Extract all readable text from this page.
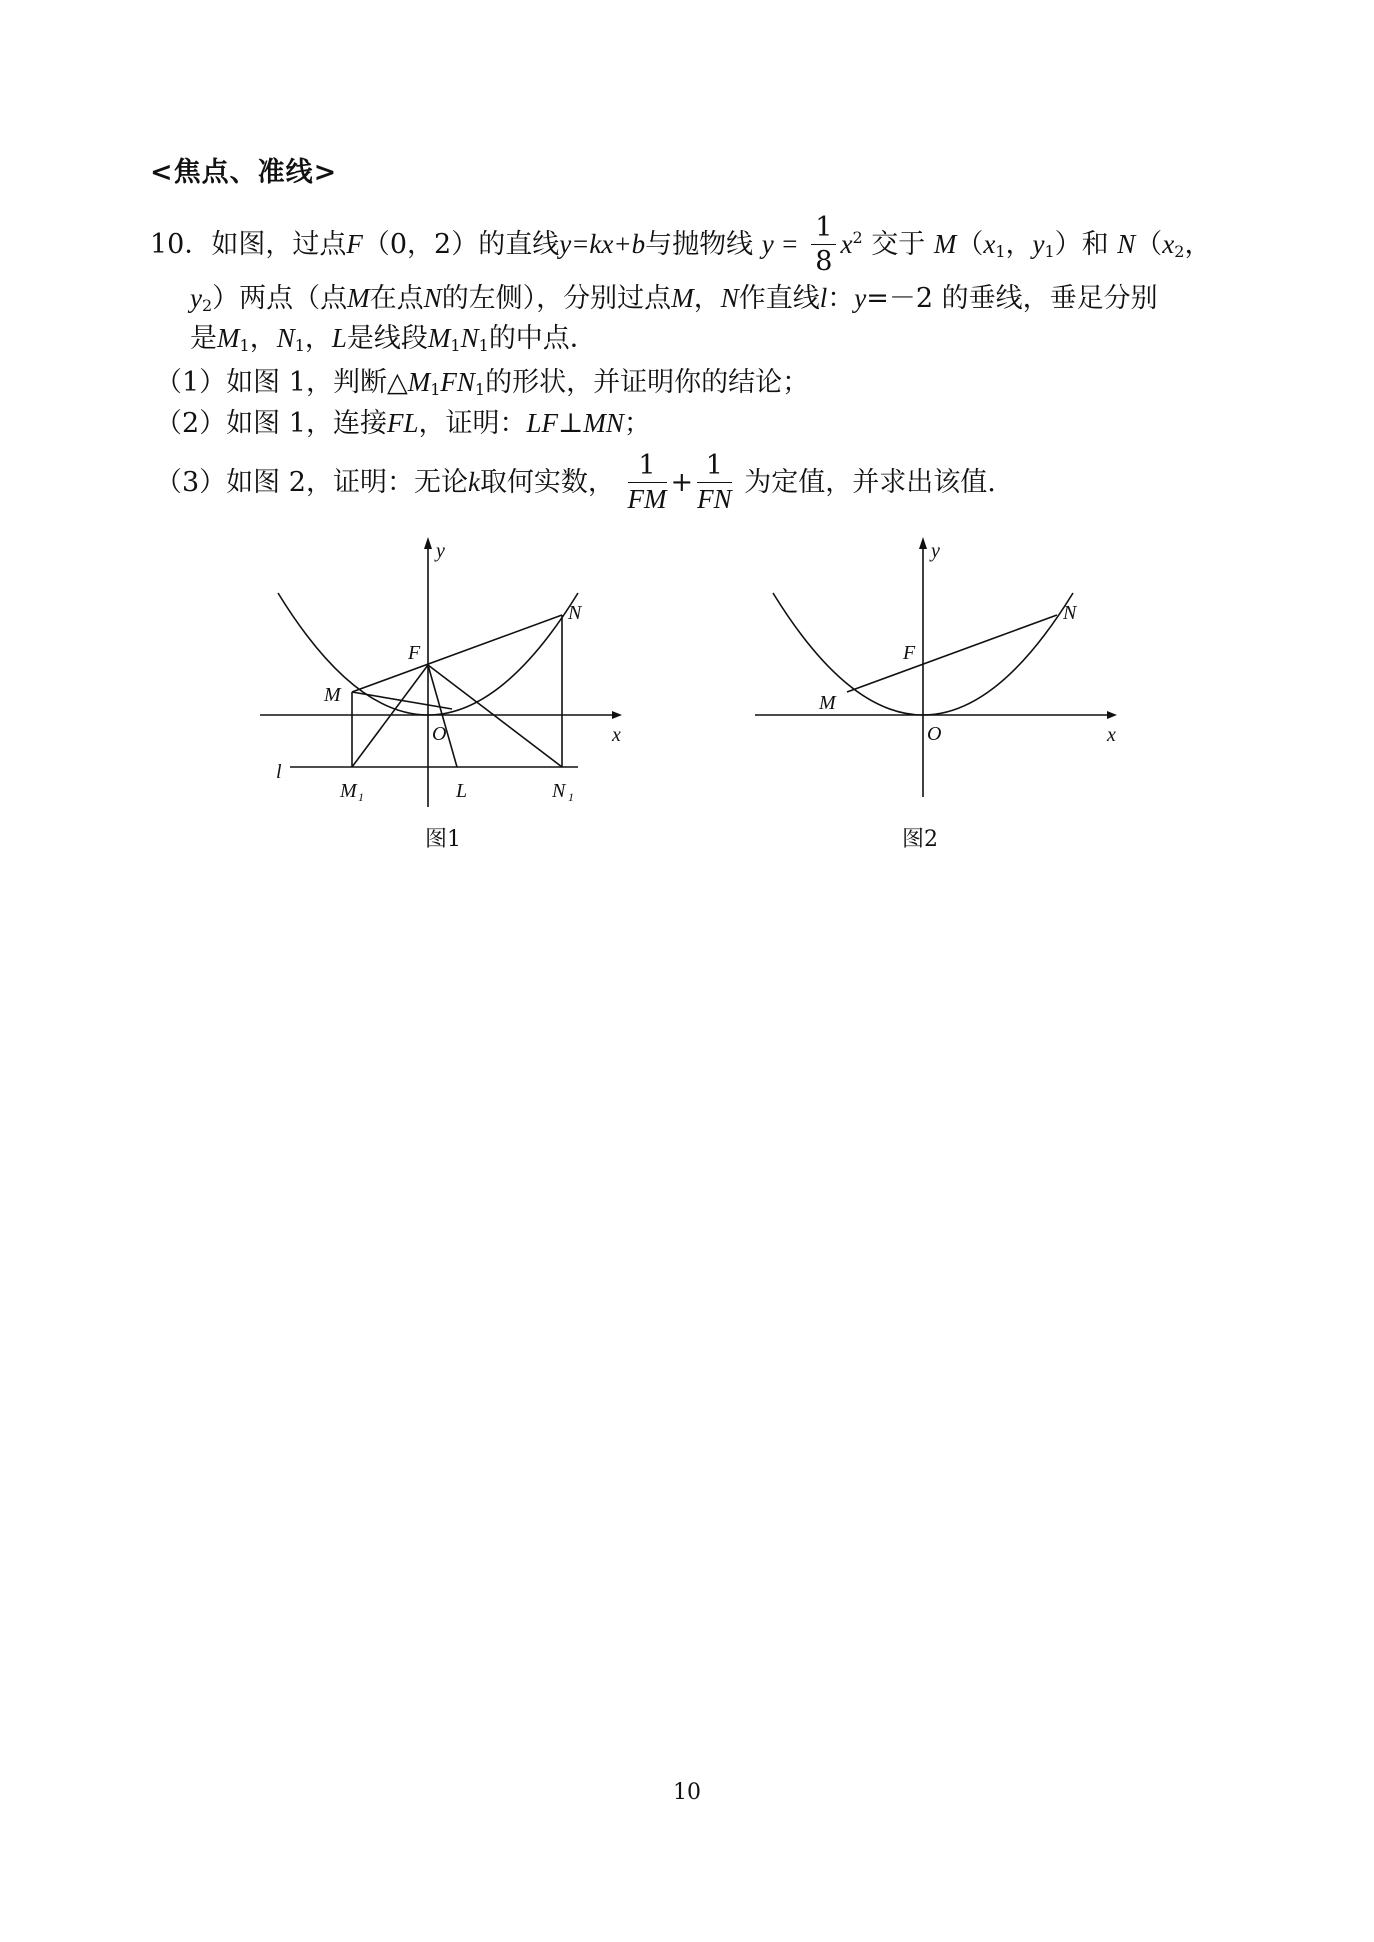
<焦点、准线>
10．如图，过点F（0，2）的直线y=kx+b与抛物线 $y = \frac{1}{8} x^2$ 交于 $M(x_1$，$y_1$）和 $N(x_2$，
$y_2$）两点（点M在点N的左侧），分别过点M，N作直线l：y=－2 的垂线，垂足分别
是$M_1$，$N_1$，L是线段$M_1N_1$的中点．
（1）如图 1，判断$\triangle M_1FN_1$的形状，并证明你的结论；
（2）如图 1，连接FL，证明：LF⊥MN；
（3）如图 2，证明：无论k取何实数， $\frac{1}{FM} + \frac{1}{FN}$ 为定值，并求出该值.
y
x
O
F
M
N
l
M 1	L	N 1
图1
y
x
O
F
M
N
图2
10
